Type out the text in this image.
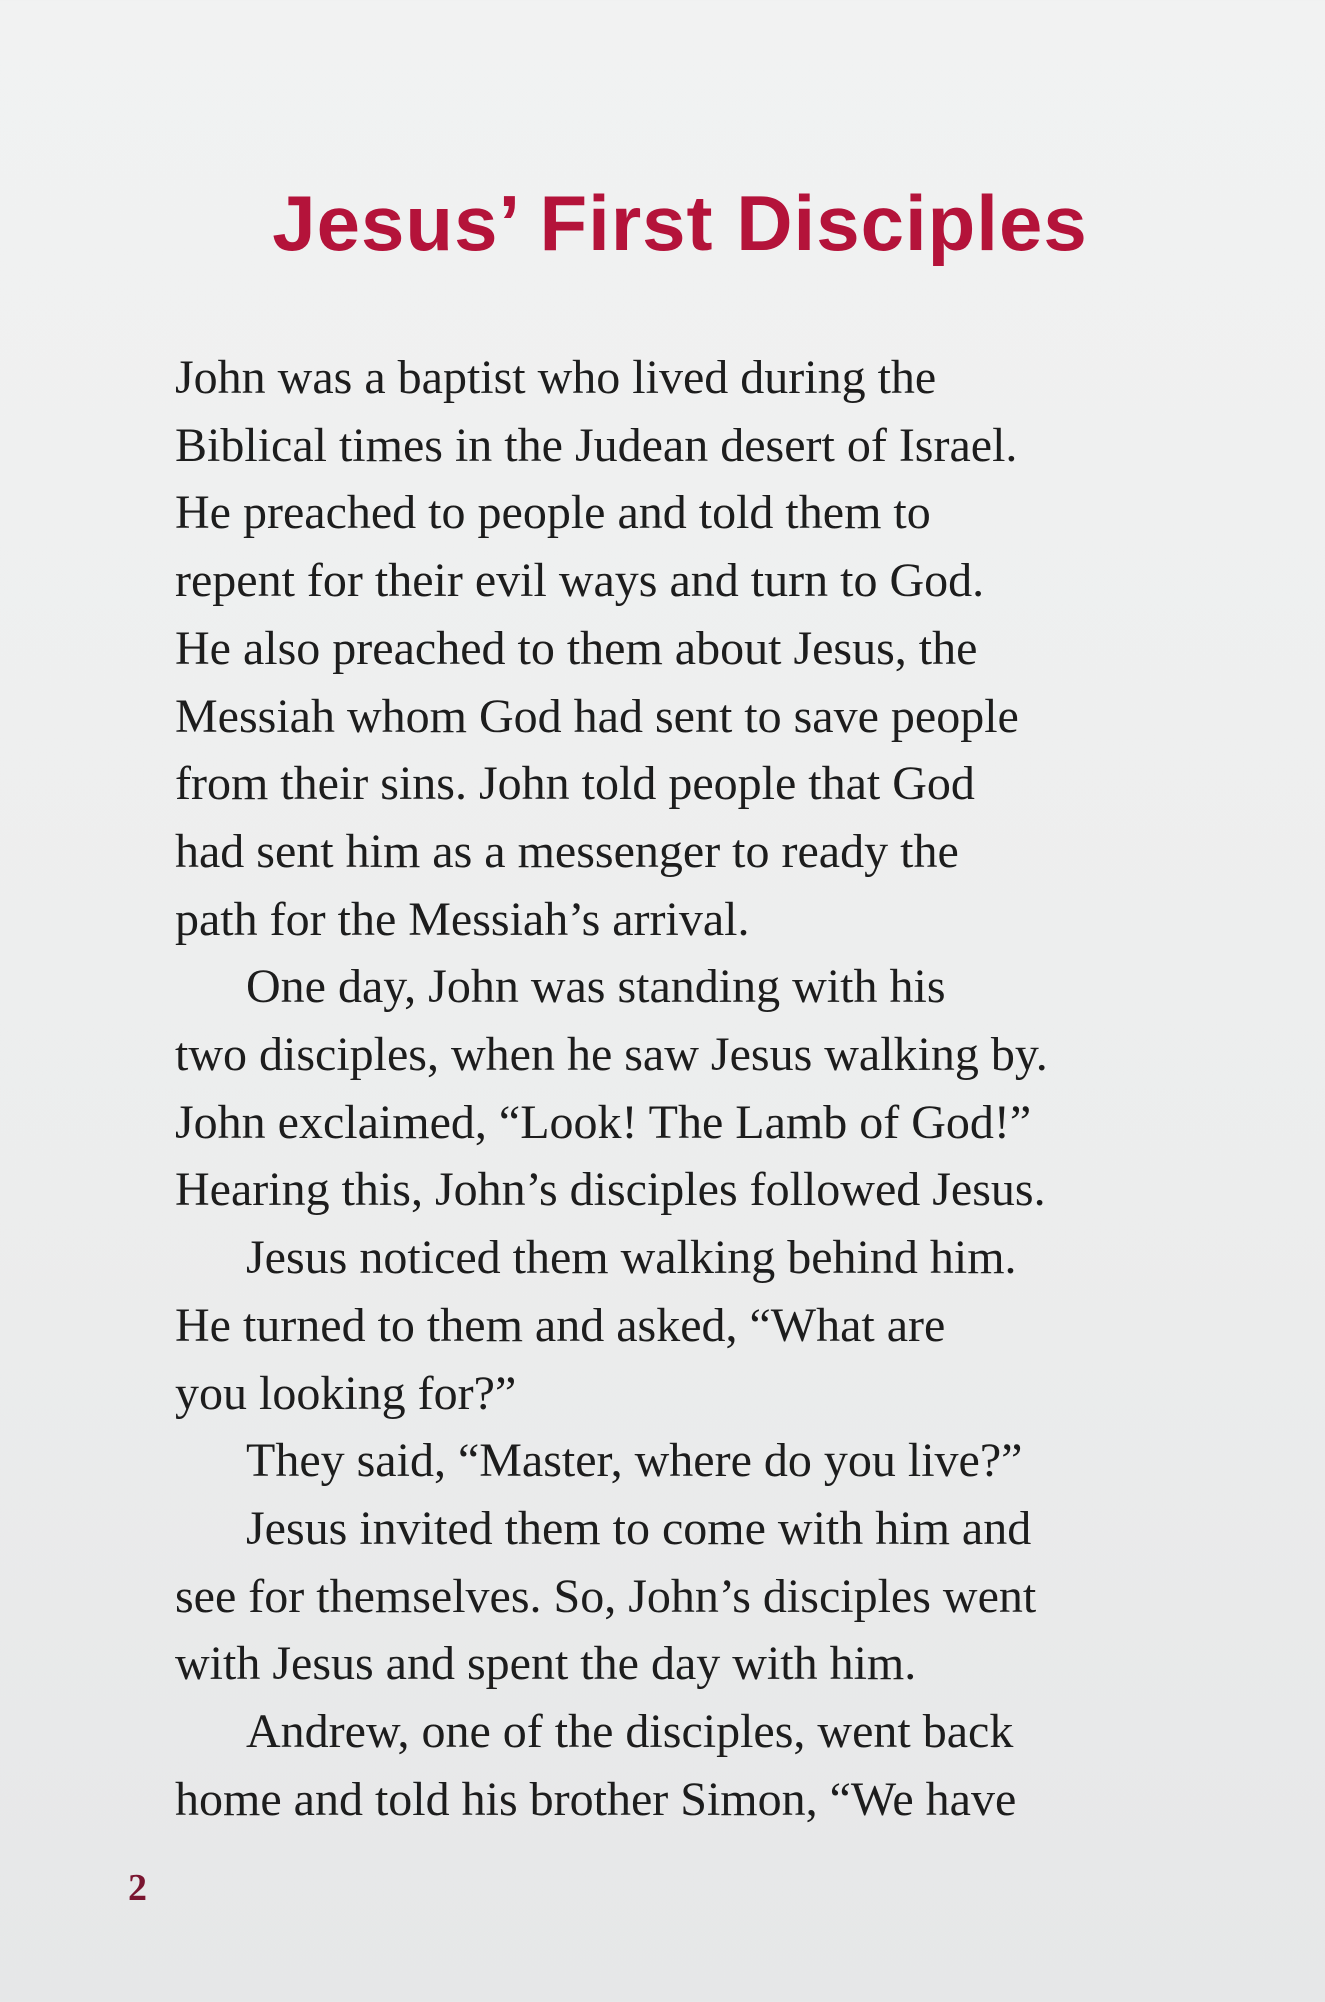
Jesus’ First Disciples
John was a baptist who lived during the
Biblical times in the Judean desert of Israel.
He preached to people and told them to
repent for their evil ways and turn to God.
He also preached to them about Jesus, the
Messiah whom God had sent to save people
from their sins. John told people that God
had sent him as a messenger to ready the
path for the Messiah’s arrival.
One day, John was standing with his
two disciples, when he saw Jesus walking by.
John exclaimed, “Look! The Lamb of God!”
Hearing this, John’s disciples followed Jesus.
Jesus noticed them walking behind him.
He turned to them and asked, “What are
you looking for?”
They said, “Master, where do you live?”
Jesus invited them to come with him and
see for themselves. So, John’s disciples went
with Jesus and spent the day with him.
Andrew, one of the disciples, went back
home and told his brother Simon, “We have
2
